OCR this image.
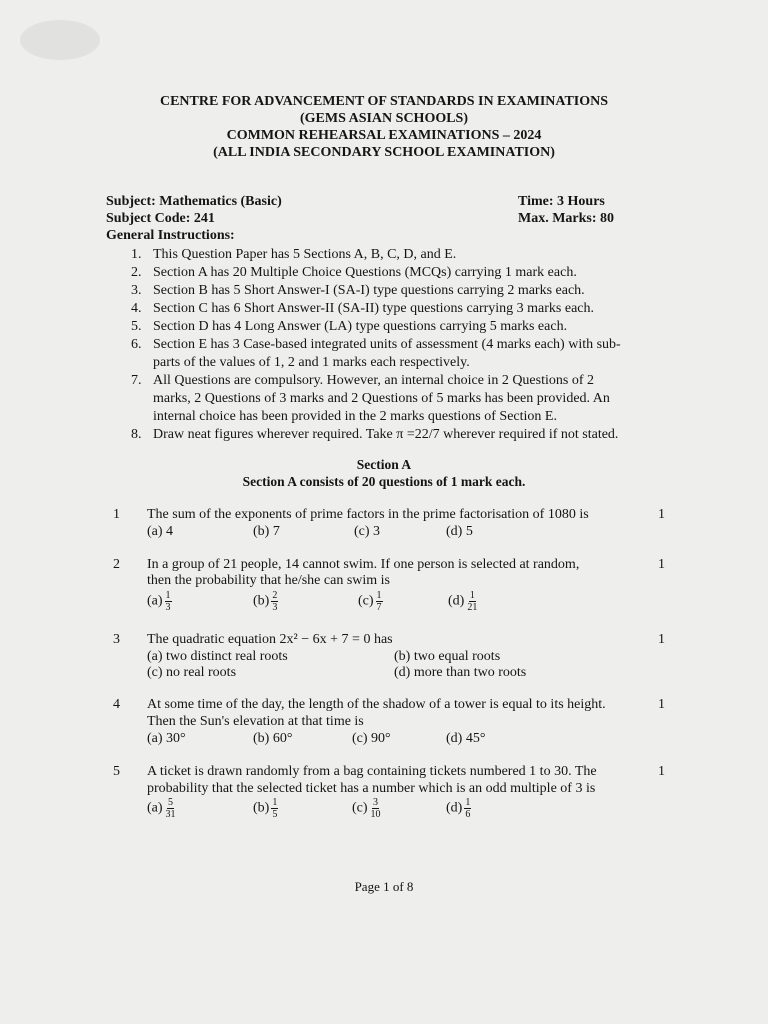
CENTRE FOR ADVANCEMENT OF STANDARDS IN EXAMINATIONS
(GEMS ASIAN SCHOOLS)
COMMON REHEARSAL EXAMINATIONS – 2024
(ALL INDIA SECONDARY SCHOOL EXAMINATION)
Subject: Mathematics (Basic)
Subject Code: 241
General Instructions:
Time: 3 Hours
Max. Marks: 80
1. This Question Paper has 5 Sections A, B, C, D, and E.
2. Section A has 20 Multiple Choice Questions (MCQs) carrying 1 mark each.
3. Section B has 5 Short Answer-I (SA-I) type questions carrying 2 marks each.
4. Section C has 6 Short Answer-II (SA-II) type questions carrying 3 marks each.
5. Section D has 4 Long Answer (LA) type questions carrying 5 marks each.
6. Section E has 3 Case-based integrated units of assessment (4 marks each) with sub-
parts of the values of 1, 2 and 1 marks each respectively.
7. All Questions are compulsory. However, an internal choice in 2 Questions of 2
marks, 2 Questions of 3 marks and 2 Questions of 5 marks has been provided. An
internal choice has been provided in the 2 marks questions of Section E.
8. Draw neat figures wherever required. Take π =22/7 wherever required if not stated.
Section A
Section A consists of 20 questions of 1 mark each.
1 The sum of the exponents of prime factors in the prime factorisation of 1080 is	1
(a) 4	(b) 7	(c) 3	(d) 5
2 In a group of 21 people, 14 cannot swim. If one person is selected at random,
then the probability that he/she can swim is
1
$(a) \frac{1}{3}$	$(b) \frac{2}{3}$	$(c) \frac{1}{7}$	$(d) \frac{1}{21}$
3 The quadratic equation 2x² − 6x + 7 = 0 has	1
(a) two distinct real roots	(b) two equal roots
(c) no real roots	(d) more than two roots
4 At some time of the day, the length of the shadow of a tower is equal to its height.
Then the Sun's elevation at that time is
1
(a) 30°	(b) 60°	(c) 90°	(d) 45°
5 A ticket is drawn randomly from a bag containing tickets numbered 1 to 30. The
probability that the selected ticket has a number which is an odd multiple of 3 is
1
$(a) \frac{5}{31}$	$(b) \frac{1}{5}$	$(c) \frac{3}{10}$	$(d) \frac{1}{6}$
Page 1 of 8
